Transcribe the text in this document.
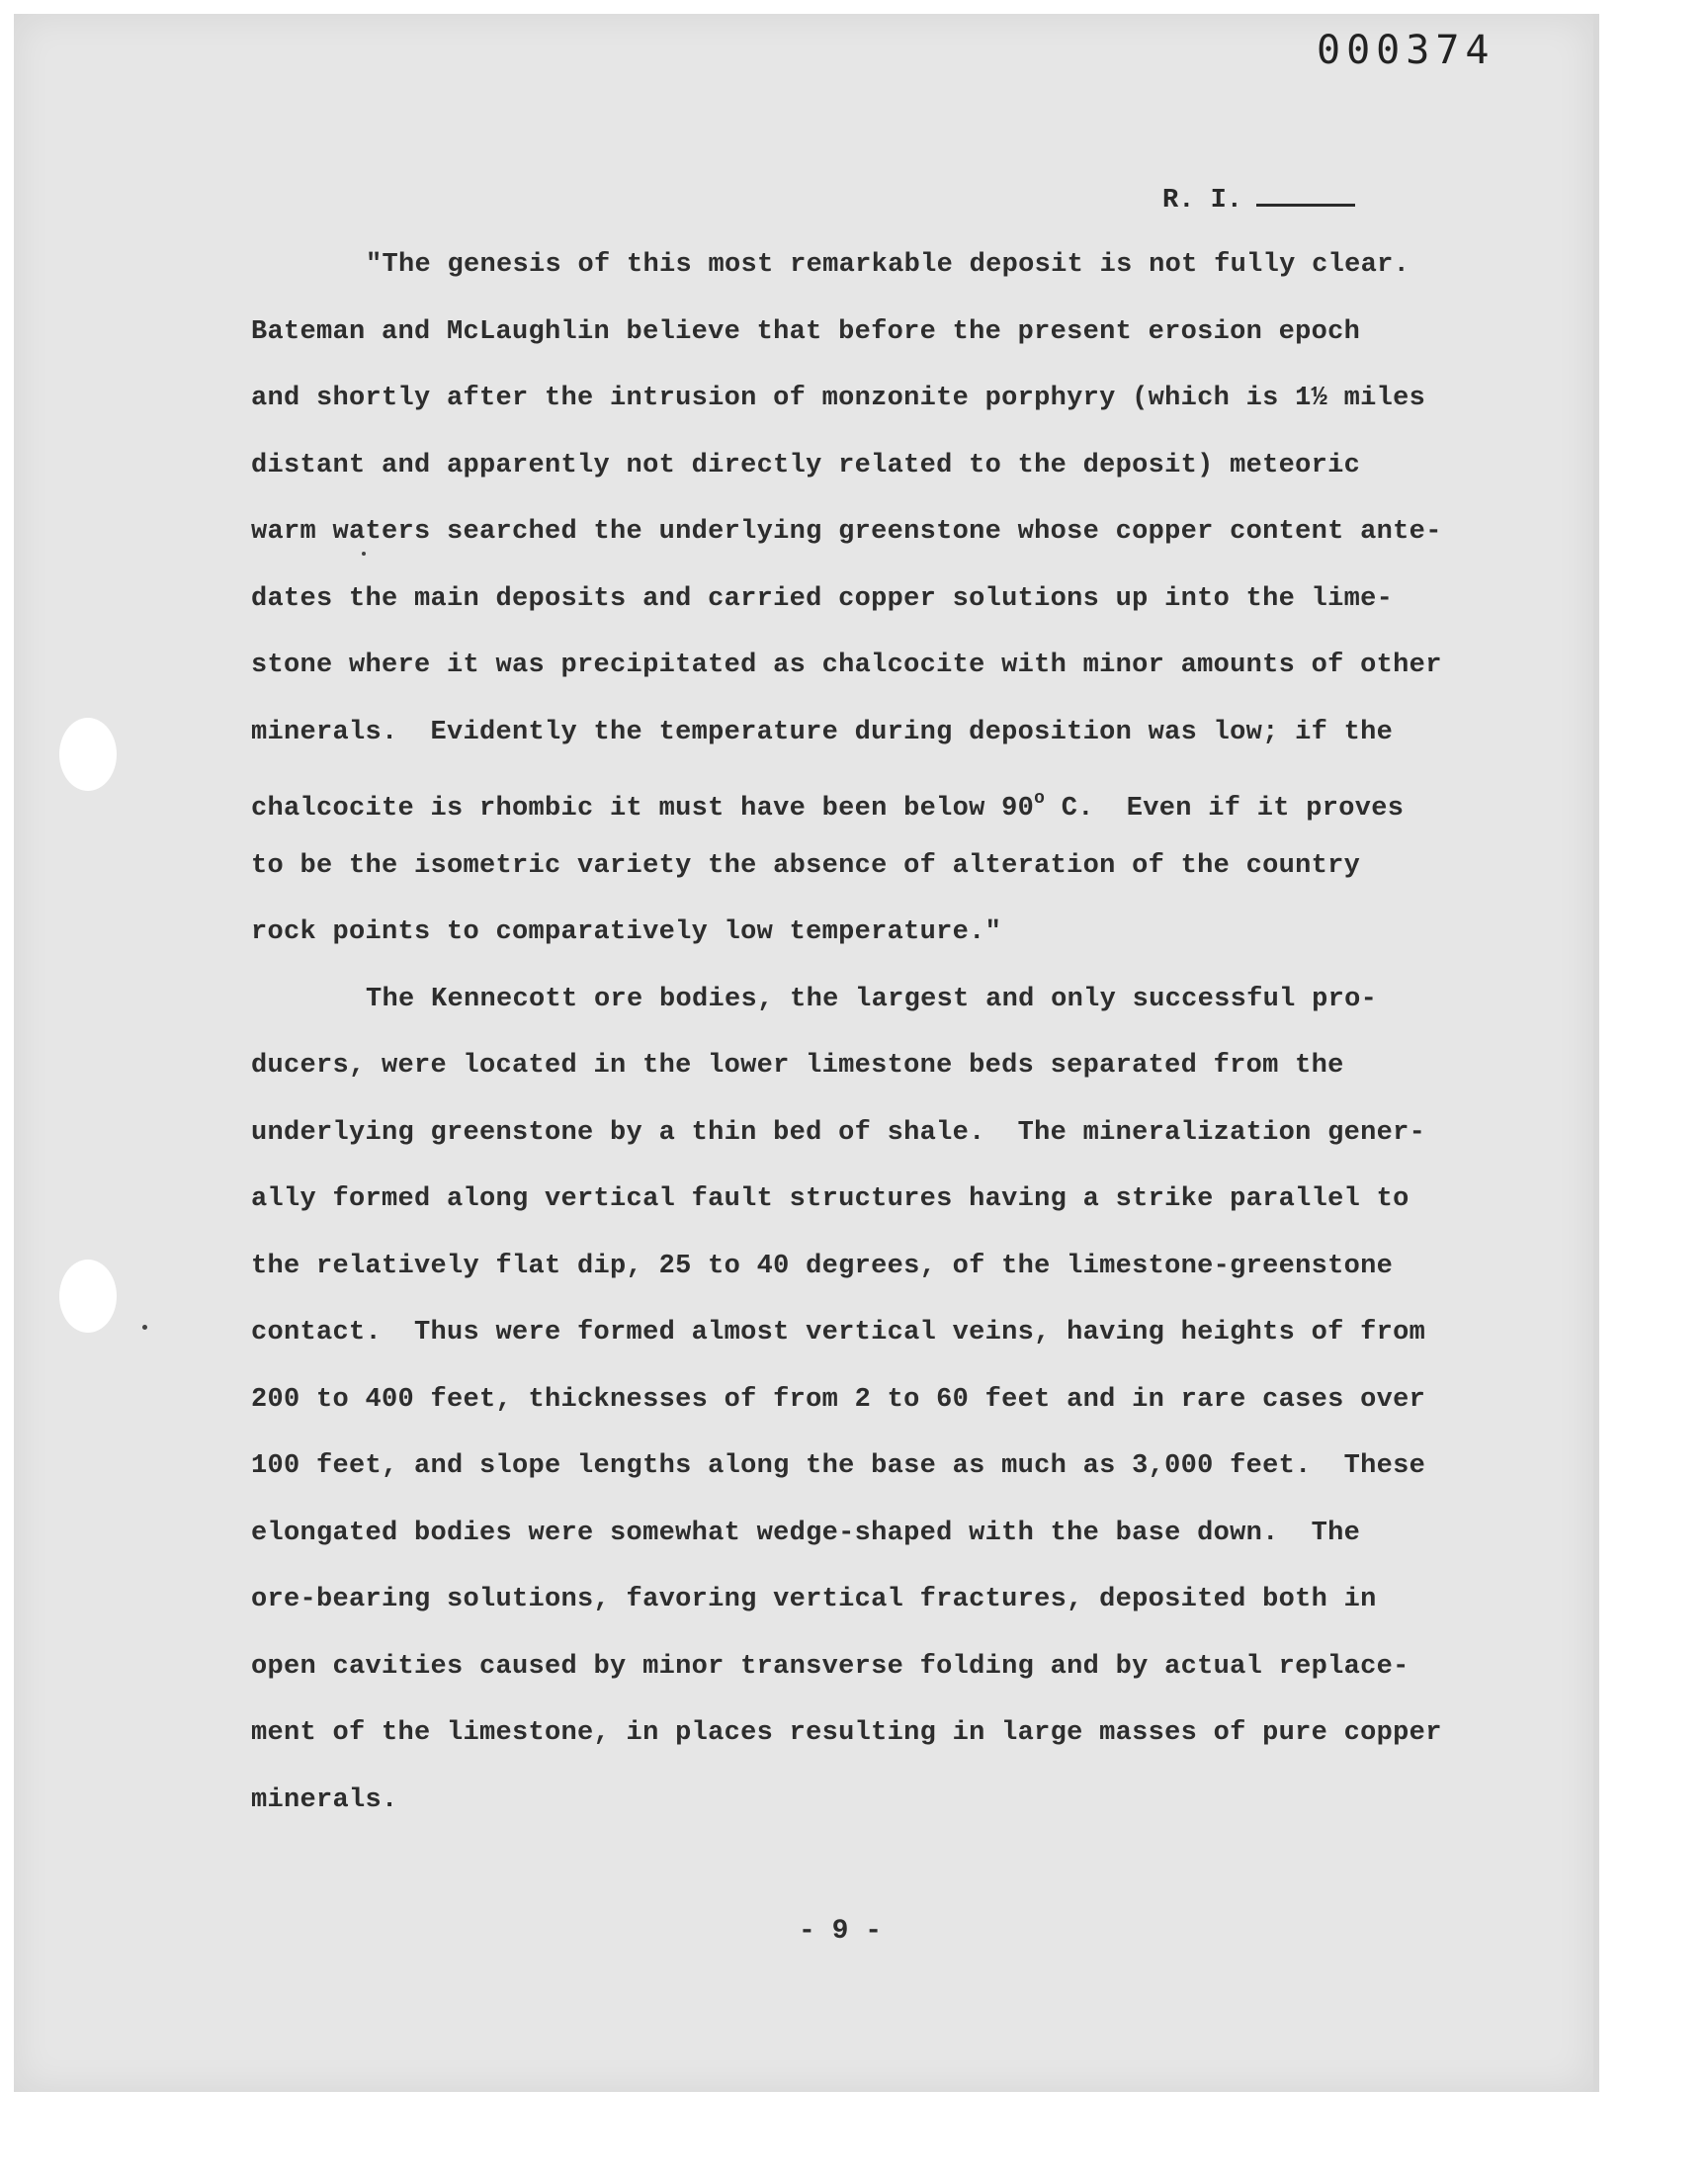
000374
R. I.
"The genesis of this most remarkable deposit is not fully clear.
Bateman and McLaughlin believe that before the present erosion epoch
and shortly after the intrusion of monzonite porphyry (which is 1½ miles
distant and apparently not directly related to the deposit) meteoric
warm waters searched the underlying greenstone whose copper content ante-
dates the main deposits and carried copper solutions up into the lime-
stone where it was precipitated as chalcocite with minor amounts of other
minerals.  Evidently the temperature during deposition was low; if the
chalcocite is rhombic it must have been below 90$^o$ C.  Even if it proves
to be the isometric variety the absence of alteration of the country
rock points to comparatively low temperature."
The Kennecott ore bodies, the largest and only successful pro-
ducers, were located in the lower limestone beds separated from the
underlying greenstone by a thin bed of shale.  The mineralization gener-
ally formed along vertical fault structures having a strike parallel to
the relatively flat dip, 25 to 40 degrees, of the limestone-greenstone
contact.  Thus were formed almost vertical veins, having heights of from
200 to 400 feet, thicknesses of from 2 to 60 feet and in rare cases over
100 feet, and slope lengths along the base as much as 3,000 feet.  These
elongated bodies were somewhat wedge-shaped with the base down.  The
ore-bearing solutions, favoring vertical fractures, deposited both in
open cavities caused by minor transverse folding and by actual replace-
ment of the limestone, in places resulting in large masses of pure copper
minerals.
- 9 -
